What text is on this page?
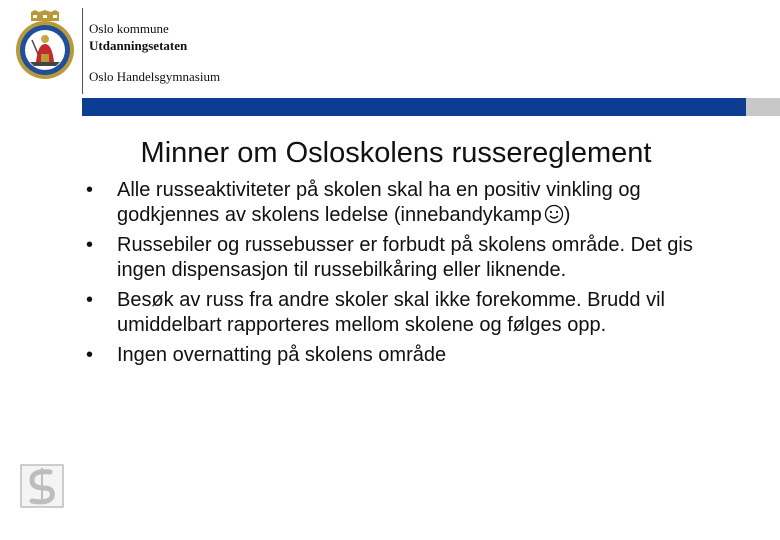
Oslo kommune
Utdanningsetaten
Oslo Handelsgymnasium
Minner om Osloskolens russereglement
•	Alle russeaktiviteter på skolen skal ha en positiv vinkling og godkjennes av skolens ledelse (innebandykamp )
•	Russebiler og russebusser er forbudt på skolens område. Det gis ingen dispensasjon til russebilkåring eller liknende.
•	Besøk av russ fra andre skoler skal ikke forekomme. Brudd vil umiddelbart rapporteres mellom skolene og følges opp.
•	Ingen overnatting på skolens område
